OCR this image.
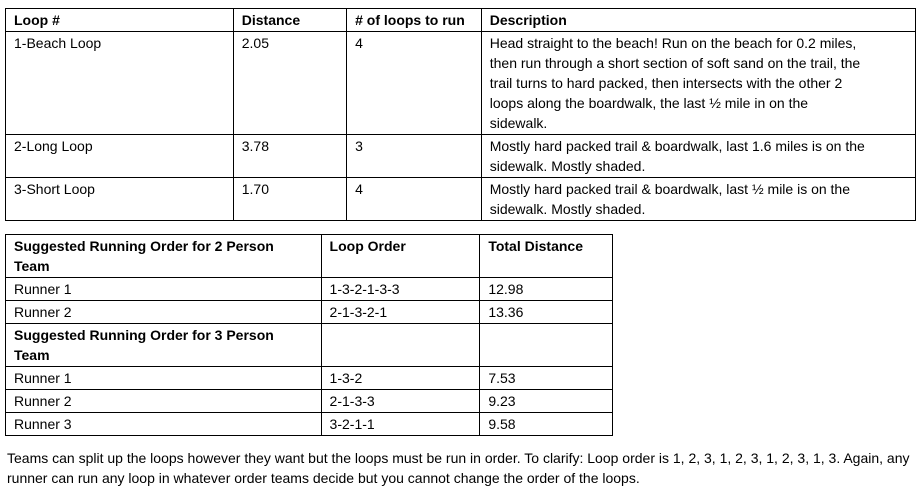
Loop #	Distance	# of loops to run	Description
1-Beach Loop	2.05	4	Head straight to the beach! Run on the beach for 0.2 miles,
then run through a short section of soft sand on the trail, the
trail turns to hard packed, then intersects with the other 2
loops along the boardwalk, the last ½ mile in on the
sidewalk.
2-Long Loop	3.78	3	Mostly hard packed trail & boardwalk, last 1.6 miles is on the
sidewalk. Mostly shaded.
3-Short Loop	1.70	4	Mostly hard packed trail & boardwalk, last ½ mile is on the
sidewalk. Mostly shaded.
Suggested Running Order for 2 Person
Team	Loop Order	Total Distance
Runner 1	1-3-2-1-3-3	12.98
Runner 2	2-1-3-2-1	13.36
Suggested Running Order for 3 Person
Team		
Runner 1	1-3-2	7.53
Runner 2	2-1-3-3	9.23
Runner 3	3-2-1-1	9.58

Teams can split up the loops however they want but the loops must be run in order. To clarify: Loop order is 1, 2, 3, 1, 2, 3, 1, 2, 3, 1, 3. Again, any runner can run any loop in whatever order teams decide but you cannot change the order of the loops.
